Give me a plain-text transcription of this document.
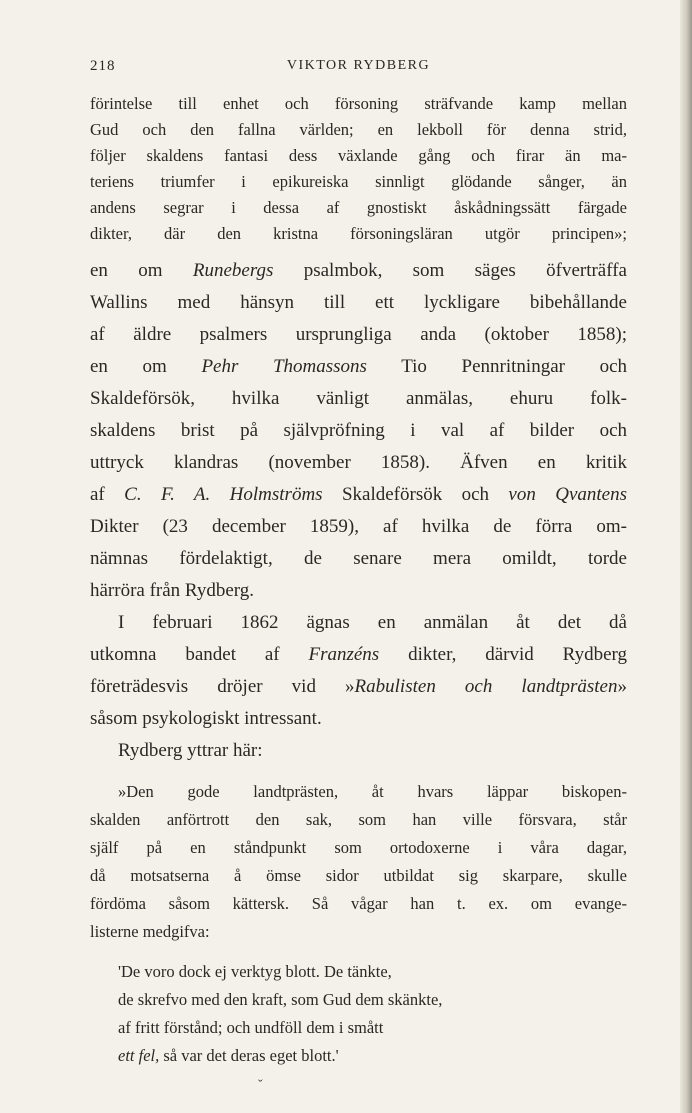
218	VIKTOR RYDBERG
förintelse till enhet och försoning sträfvande kamp mellan
Gud och den fallna världen; en lekboll för denna strid,
följer skaldens fantasi dess växlande gång och firar än ma-
teriens triumfer i epikureiska sinnligt glödande sånger, än
andens segrar i dessa af gnostiskt åskådningssätt färgade
dikter, där den kristna försoningsläran utgör principen»;
en om Runebergs psalmbok, som säges öfverträffa
Wallins med hänsyn till ett lyckligare bibehållande
af äldre psalmers ursprungliga anda (oktober 1858);
en om Pehr Thomassons Tio Pennritningar och
Skaldeförsök, hvilka vänligt anmälas, ehuru folk-
skaldens brist på självpröfning i val af bilder och
uttryck klandras (november 1858). Äfven en kritik
af C. F. A. Holmströms Skaldeförsök och von Qvantens
Dikter (23 december 1859), af hvilka de förra om-
nämnas fördelaktigt, de senare mera omildt, torde
härröra från Rydberg.
I februari 1862 ägnas en anmälan åt det då
utkomna bandet af Franzéns dikter, därvid Rydberg
företrädesvis dröjer vid »Rabulisten och landtprästen»
såsom psykologiskt intressant.
Rydberg yttrar här:
»Den gode landtprästen, åt hvars läppar biskopen-
skalden anförtrott den sak, som han ville försvara, står
själf på en ståndpunkt som ortodoxerne i våra dagar,
då motsatserna å ömse sidor utbildat sig skarpare, skulle
fördöma såsom kättersk. Så vågar han t. ex. om evange-
listerne medgifva:
'De voro dock ej verktyg blott. De tänkte,
de skrefvo med den kraft, som Gud dem skänkte,
af fritt förstånd; och undföll dem i smått
ett fel, så var det deras eget blott.'
ˇ
